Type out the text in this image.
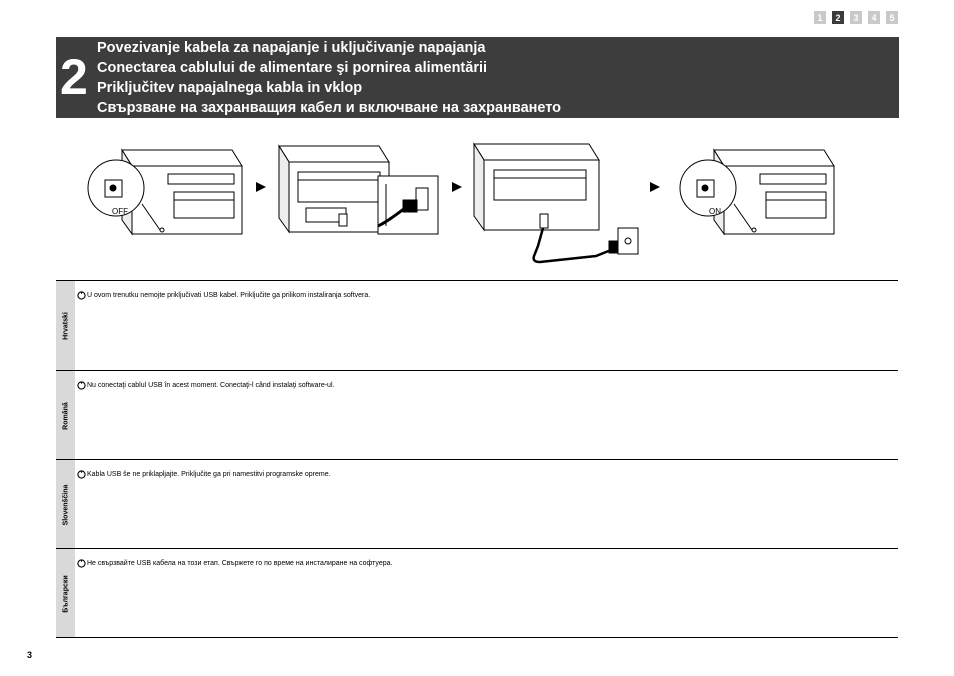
1	2	3	4	5
2
Povezivanje kabela za napajanje i uključivanje napajanja
Conectarea cablului de alimentare şi pornirea alimentării
Priključitev napajalnega kabla in vklop
Свързване на захранващия кабел и включване на захранването
OFF	ON
Hrvatski
U ovom trenutku nemojte priključivati USB kabel. Priključite ga prilikom instaliranja softvera.
Română
Nu conectaţi cablul USB în acest moment. Conectaţi-l când instalaţi software-ul.
Slovenščina
Kabla USB še ne priklapljajte. Priključite ga pri namestitvi programske opreme.
Български
Не свързвайте USB кабела на този етап. Свържете го по време на инсталиране на софтуера.
3
